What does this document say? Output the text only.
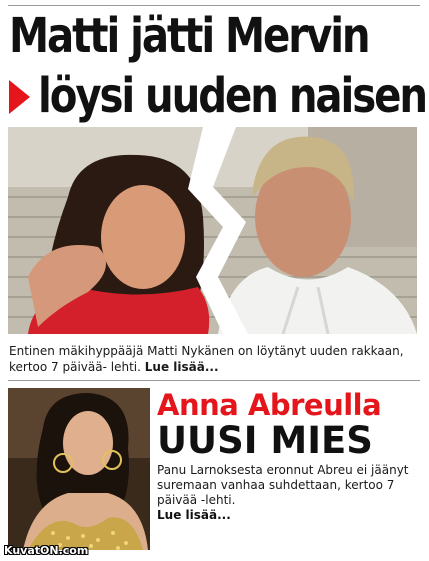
Matti jätti Mervin
löysi uuden naisen
Entinen mäkihyppääjä Matti Nykänen on löytänyt uuden rakkaan, kertoo 7 päivää- lehti. Lue lisää...
KuvatON.com
Anna Abreulla
UUSI MIES
Panu Larnoksesta eronnut Abreu ei jäänyt suremaan vanhaa suhdettaan, kertoo 7 päivää -lehti.
Lue lisää...
